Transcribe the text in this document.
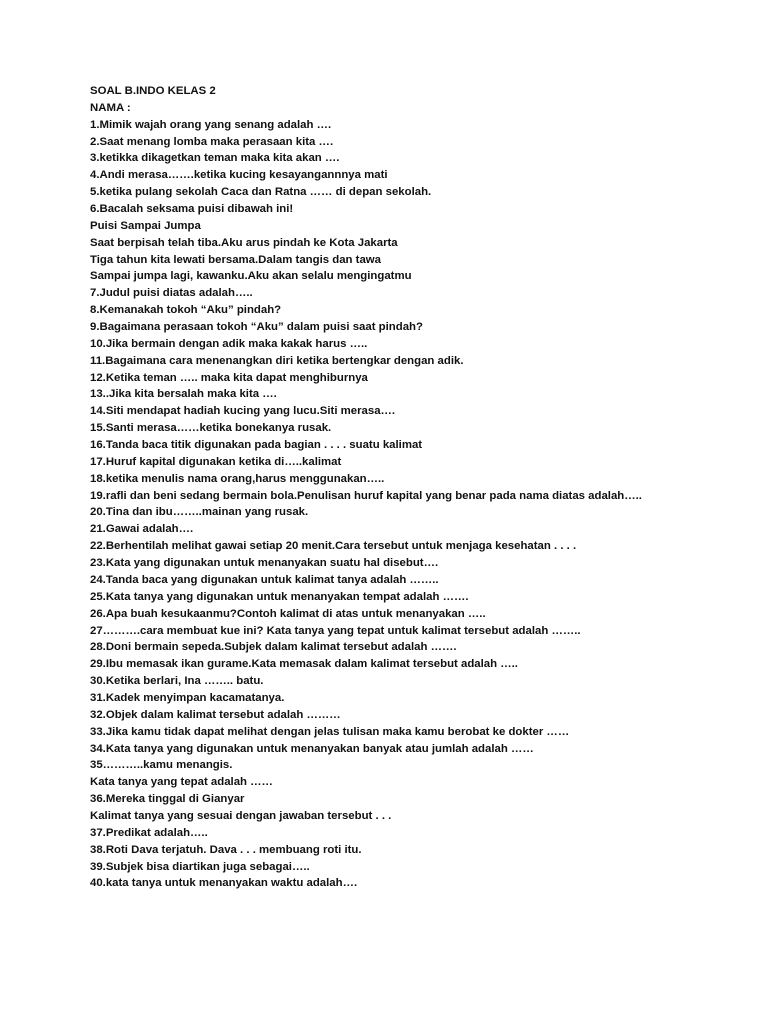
SOAL B.INDO KELAS 2
NAMA :
1.Mimik wajah orang yang senang adalah ….
2.Saat menang lomba maka perasaan kita ….
3.ketikka dikagetkan teman maka kita akan ….
4.Andi merasa…….ketika kucing kesayangannnya mati
5.ketika pulang sekolah Caca dan Ratna …… di depan sekolah.
6.Bacalah seksama puisi dibawah ini!
Puisi Sampai Jumpa
Saat berpisah telah tiba.Aku arus pindah ke Kota Jakarta
Tiga tahun kita lewati bersama.Dalam tangis dan tawa
Sampai jumpa lagi, kawanku.Aku akan selalu mengingatmu
7.Judul puisi diatas adalah…..
8.Kemanakah tokoh “Aku” pindah?
9.Bagaimana perasaan tokoh “Aku” dalam puisi saat pindah?
10.Jika bermain dengan adik maka kakak harus …..
11.Bagaimana cara menenangkan diri ketika bertengkar dengan adik.
12.Ketika teman ….. maka kita dapat menghiburnya
13..Jika kita bersalah maka kita ….
14.Siti mendapat hadiah kucing yang lucu.Siti merasa….
15.Santi merasa……ketika bonekanya rusak.
16.Tanda baca titik digunakan pada bagian . . . . suatu kalimat
17.Huruf kapital digunakan ketika di…..kalimat
18.ketika menulis nama orang,harus menggunakan…..
19.rafli dan beni sedang bermain bola.Penulisan huruf kapital yang benar pada nama diatas adalah…..
20.Tina dan ibu……..mainan yang rusak.
21.Gawai adalah….
22.Berhentilah melihat gawai setiap 20 menit.Cara tersebut untuk menjaga kesehatan . . . .
23.Kata yang digunakan untuk menanyakan suatu hal disebut….
24.Tanda baca yang digunakan untuk kalimat tanya adalah ……..
25.Kata tanya yang digunakan untuk menanyakan tempat adalah …….
26.Apa buah kesukaanmu?Contoh kalimat di atas untuk menanyakan …..
27……….cara membuat kue ini? Kata tanya yang tepat untuk kalimat tersebut adalah ……..
28.Doni bermain sepeda.Subjek dalam kalimat tersebut adalah …….
29.Ibu memasak ikan gurame.Kata memasak dalam kalimat tersebut adalah …..
30.Ketika berlari, Ina …….. batu.
31.Kadek menyimpan kacamatanya.
32.Objek dalam kalimat tersebut adalah ………
33.Jika kamu tidak dapat melihat dengan jelas tulisan maka kamu berobat ke dokter ……
34.Kata tanya yang digunakan untuk menanyakan banyak atau jumlah adalah ……
35………..kamu menangis.
Kata tanya yang tepat adalah ……
36.Mereka tinggal di Gianyar
Kalimat tanya yang sesuai dengan jawaban tersebut . . .
37.Predikat adalah…..
38.Roti Dava terjatuh. Dava . . . membuang roti itu.
39.Subjek bisa diartikan juga sebagai…..
40.kata tanya untuk menanyakan waktu adalah….
